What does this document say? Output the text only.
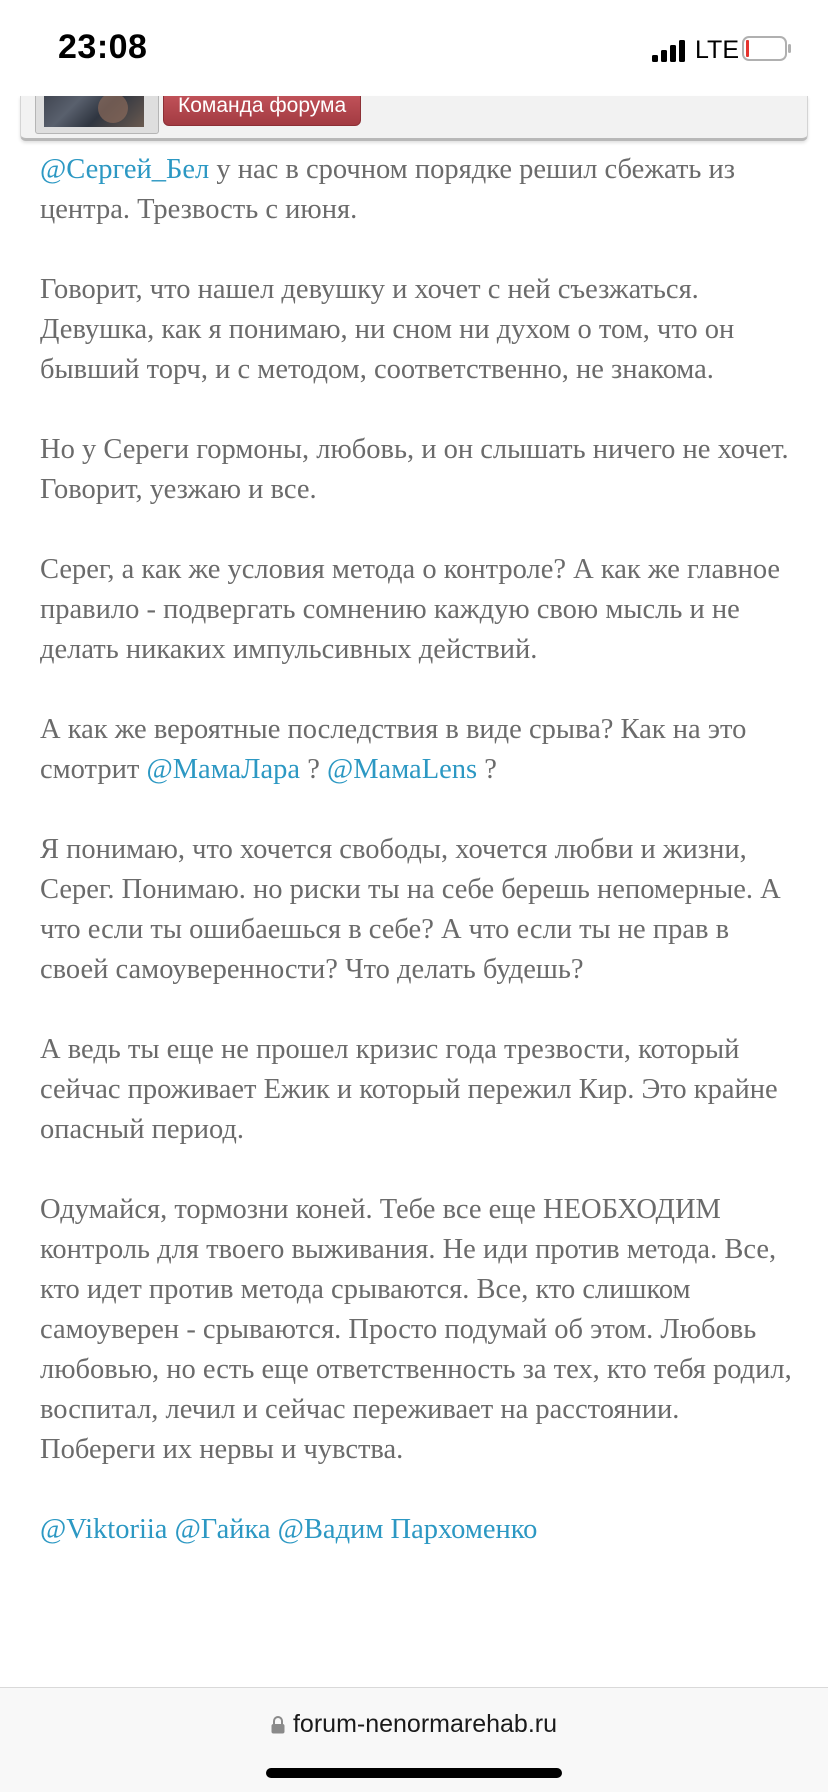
23:08	LTE
Команда форума

@Сергей_Бел у нас в срочном порядке решил сбежать из центра. Трезвость с июня.

Говорит, что нашел девушку и хочет с ней съезжаться. Девушка, как я понимаю, ни сном ни духом о том, что он бывший торч, и с методом, соответственно, не знакома.

Но у Сереги гормоны, любовь, и он слышать ничего не хочет. Говорит, уезжаю и все.

Серег, а как же условия метода о контроле? А как же главное правило - подвергать сомнению каждую свою мысль и не делать никаких импульсивных действий.

А как же вероятные последствия в виде срыва? Как на это смотрит @МамаЛара ? @МамаLens ?

Я понимаю, что хочется свободы, хочется любви и жизни, Серег. Понимаю. но риски ты на себе берешь непомерные. А что если ты ошибаешься в себе? А что если ты не прав в своей самоуверенности? Что делать будешь?

А ведь ты еще не прошел кризис года трезвости, который сейчас проживает Ежик и который пережил Кир. Это крайне опасный период.

Одумайся, тормозни коней. Тебе все еще НЕОБХОДИМ контроль для твоего выживания. Не иди против метода. Все, кто идет против метода срываются. Все, кто слишком самоуверен - срываются. Просто подумай об этом. Любовь любовью, но есть еще ответственность за тех, кто тебя родил, воспитал, лечил и сейчас переживает на расстоянии. Побереги их нервы и чувства.

@Viktoriia @Гайка @Вадим Пархоменко

forum-nenormarehab.ru
